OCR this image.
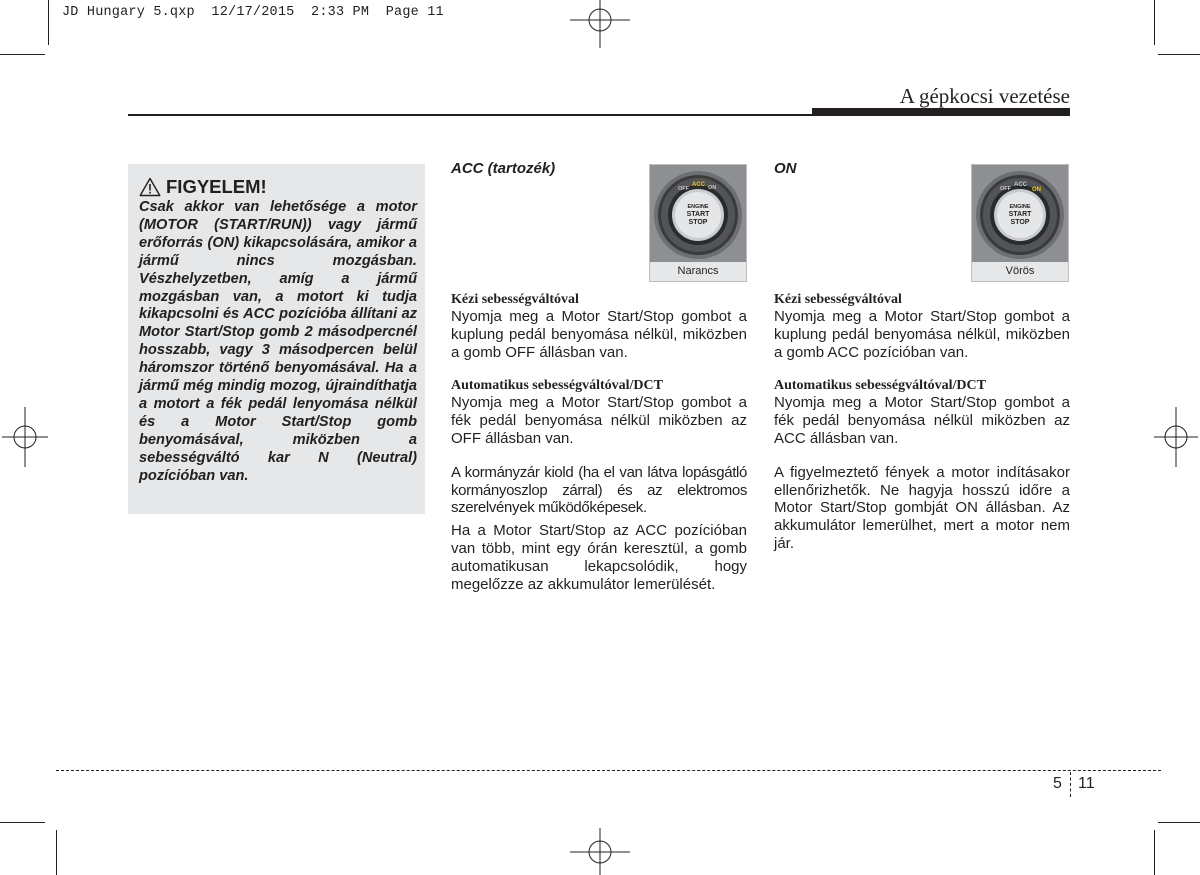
JD Hungary 5.qxp  12/17/2015  2:33 PM  Page 11
A gépkocsi vezetése
FIGYELEM!
Csak akkor van lehetősége a motor (MOTOR (START/RUN)) vagy jármű erőforrás (ON) kikapcsolására, amikor a jármű nincs mozgásban. Vészhelyzetben, amíg a jármű mozgásban van, a motort ki tudja kikapcsolni és ACC pozícióba állítani az Motor Start/Stop gomb 2 másodpercnél hosszabb, vagy 3 másodpercen belül háromszor történő benyomásával. Ha a jármű még mindig mozog, újraindíthatja a motort a fék pedál lenyomása nélkül és a Motor Start/Stop gomb benyomásával, miközben a sebességváltó kar N (Neutral) pozícióban van.
ACC (tartozék)
OFF
ACC ON
ENGINE
START
STOP
Narancs
Kézi sebességváltóval
Nyomja meg a Motor Start/Stop gombot a kuplung pedál benyomása nélkül, miközben a gomb OFF állásban van.
Automatikus sebességváltóval/DCT
Nyomja meg a Motor Start/Stop gombot a fék pedál benyomása nélkül miközben az OFF állásban van.
A kormányzár kiold (ha el van látva lopásgátló kormányoszlop zárral) és az elektromos szerelvények működőképesek.
Ha a Motor Start/Stop az ACC pozícióban van több, mint egy órán keresztül, a gomb automatikusan lekapcsolódik, hogy megelőzze az akkumulátor lemerülését.
ON
OFF
ACC
ON
ENGINE
START
STOP
Vörös
Kézi sebességváltóval
Nyomja meg a Motor Start/Stop gombot a kuplung pedál benyomása nélkül, miközben a gomb ACC pozícióban van.
Automatikus sebességváltóval/DCT
Nyomja meg a Motor Start/Stop gombot a fék pedál benyomása nélkül miközben az ACC állásban van.
A figyelmeztető fények a motor indításakor ellenőrizhetők. Ne hagyja hosszú időre a Motor Start/Stop gombját ON állásban. Az akkumulátor lemerülhet, mert a motor nem jár.
5 11
